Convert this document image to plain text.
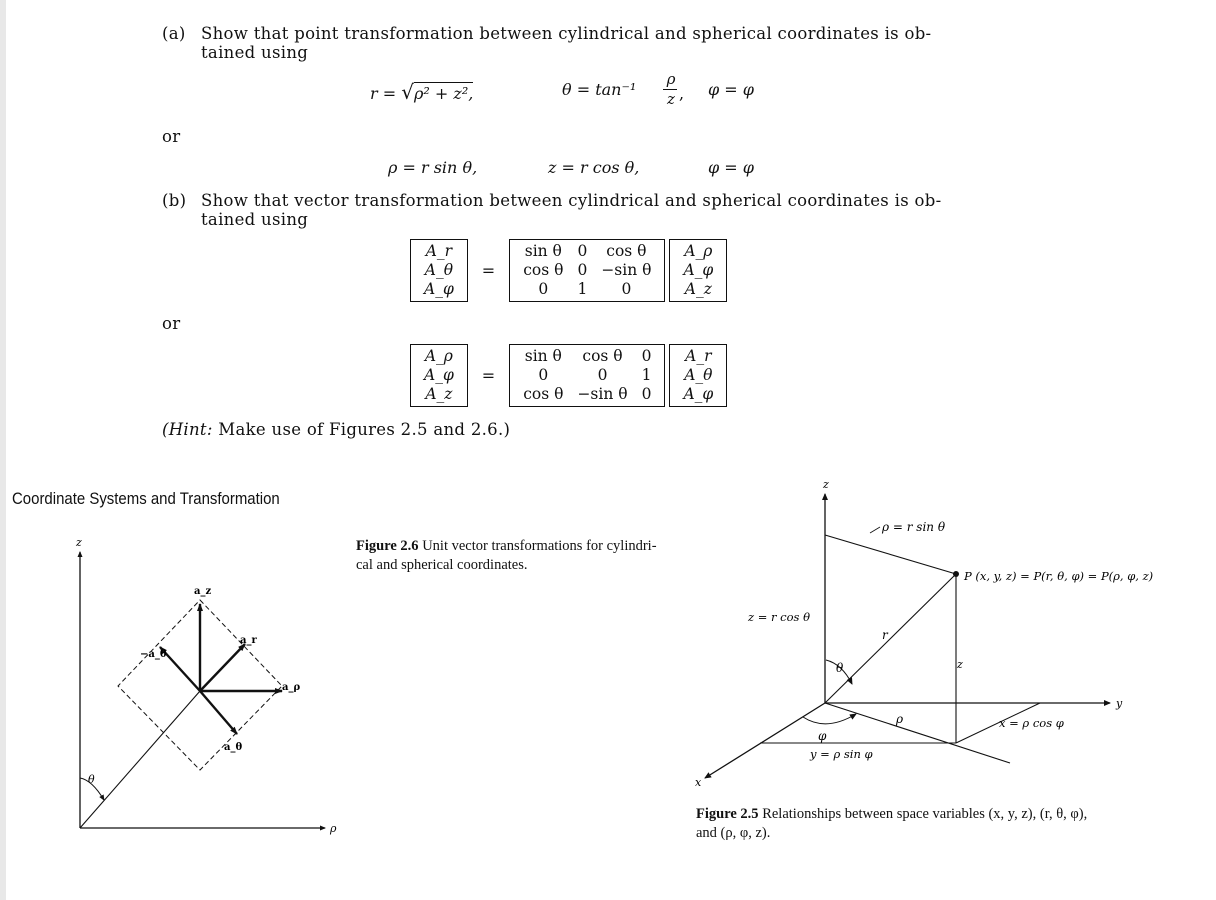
(a) Show that point transformation between cylindrical and spherical coordinates is ob-
tained using
r = √ρ² + z²,	θ = tan⁻¹
ρ
z , φ = φ
or
ρ = r sin θ,	z = r cos θ,	φ = φ
(b) Show that vector transformation between cylindrical and spherical coordinates is ob-
tained using
A_r
A_θ
A_φ
=
sin θ	0	cos θ
cos θ	0	−sin θ
0	1	0
A_ρ
A_φ
A_z
or
A_ρ
A_φ
A_z
=
sin θ	cos θ	0
0	0	1
cos θ	−sin θ	0
A_r
A_θ
A_φ
(Hint: Make use of Figures 2.5 and 2.6.)
Coordinate Systems and Transformation
z
ρ
θ
a_z
a_r
−a_θ
a_ρ
a_θ
Figure 2.6 Unit vector transformations for cylindri-
cal and spherical coordinates.
z
y
x
ρ = r sin θ
P (x, y, z) = P(r, θ, φ) = P(ρ, φ, z)
z = r cos θ
r
z
θ
φ
ρ	x = ρ cos φ
y = ρ sin φ
Figure 2.5 Relationships between space variables (x, y, z), (r, θ, φ),
and (ρ, φ, z).
